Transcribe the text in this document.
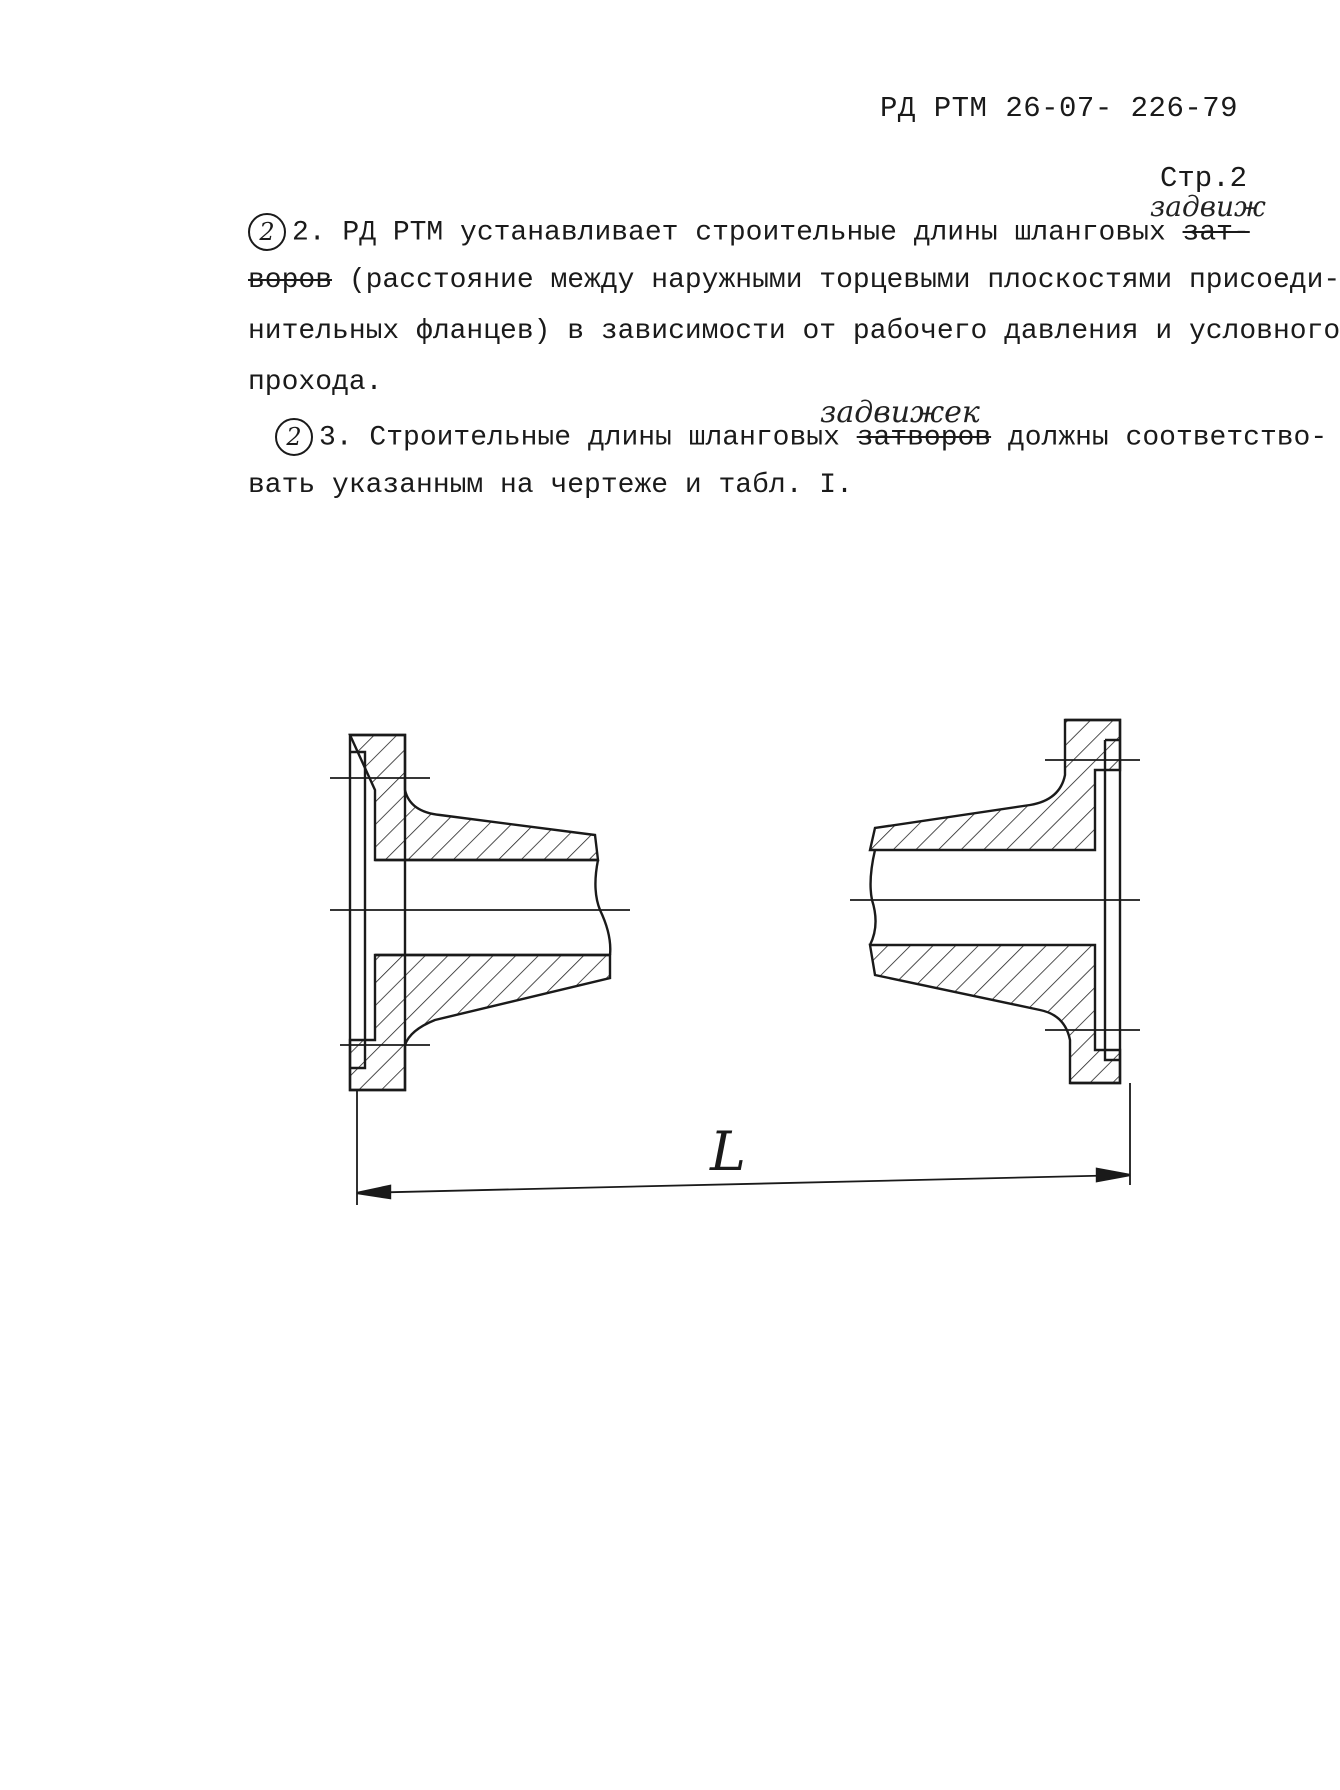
РД РТМ 26-07- 226-79
Стр.2
задвиж
задвижек
2 2. РД РТМ устанавливает строительные длины шланговых зат-
воров (расстояние между наружными торцевыми плоскостями присоеди-
нительных фланцев) в зависимости от рабочего давления и условного
прохода.
2 3. Строительные длины шланговых затворов должны соответство-
вать указанным на чертеже и табл. I.
L
